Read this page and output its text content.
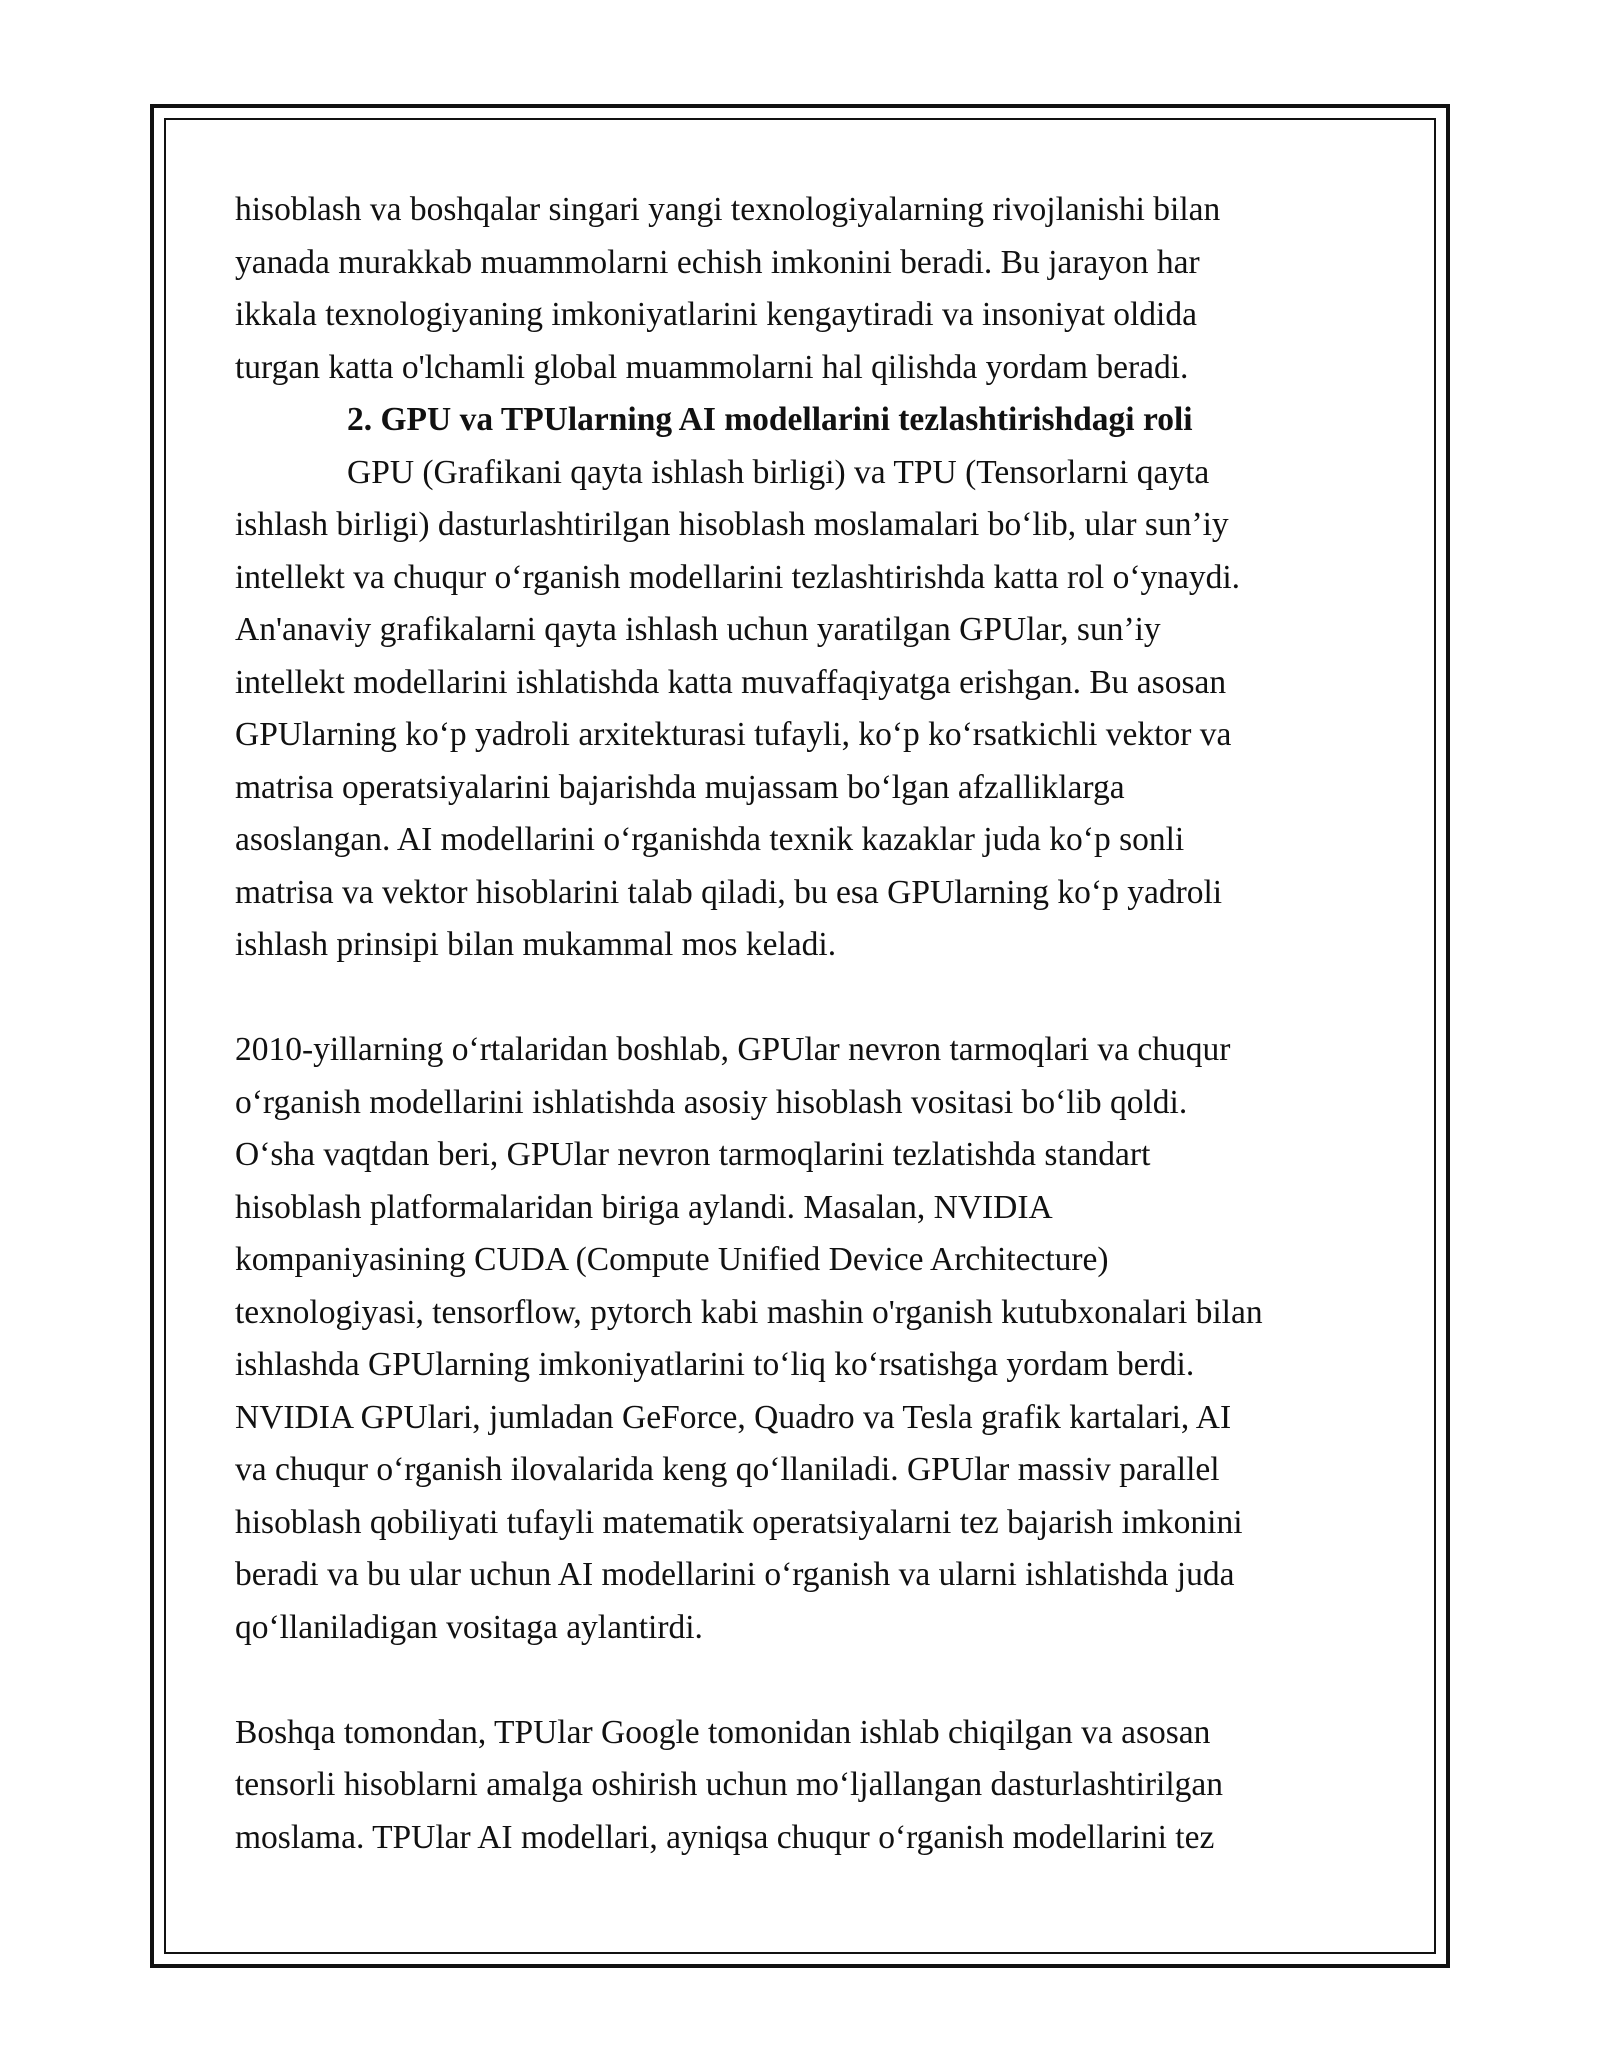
hisoblash va boshqalar singari yangi texnologiyalarning rivojlanishi bilan
yanada murakkab muammolarni echish imkonini beradi. Bu jarayon har
ikkala texnologiyaning imkoniyatlarini kengaytiradi va insoniyat oldida
turgan katta o'lchamli global muammolarni hal qilishda yordam beradi.

2. GPU va TPUlarning AI modellarini tezlashtirishdagi roli

GPU (Grafikani qayta ishlash birligi) va TPU (Tensorlarni qayta
ishlash birligi) dasturlashtirilgan hisoblash moslamalari boʻlib, ular sun’iy
intellekt va chuqur oʻrganish modellarini tezlashtirishda katta rol oʻynaydi.
An'anaviy grafikalarni qayta ishlash uchun yaratilgan GPUlar, sun’iy
intellekt modellarini ishlatishda katta muvaffaqiyatga erishgan. Bu asosan
GPUlarning koʻp yadroli arxitekturasi tufayli, koʻp koʻrsatkichli vektor va
matrisa operatsiyalarini bajarishda mujassam boʻlgan afzalliklarga
asoslangan. AI modellarini oʻrganishda texnik kazaklar juda koʻp sonli
matrisa va vektor hisoblarini talab qiladi, bu esa GPUlarning koʻp yadroli
ishlash prinsipi bilan mukammal mos keladi.

2010-yillarning oʻrtalaridan boshlab, GPUlar nevron tarmoqlari va chuqur
oʻrganish modellarini ishlatishda asosiy hisoblash vositasi boʻlib qoldi.
Oʻsha vaqtdan beri, GPUlar nevron tarmoqlarini tezlatishda standart
hisoblash platformalaridan biriga aylandi. Masalan, NVIDIA
kompaniyasining CUDA (Compute Unified Device Architecture)
texnologiyasi, tensorflow, pytorch kabi mashin o'rganish kutubxonalari bilan
ishlashda GPUlarning imkoniyatlarini toʻliq koʻrsatishga yordam berdi.
NVIDIA GPUlari, jumladan GeForce, Quadro va Tesla grafik kartalari, AI
va chuqur oʻrganish ilovalarida keng qoʻllaniladi. GPUlar massiv parallel
hisoblash qobiliyati tufayli matematik operatsiyalarni tez bajarish imkonini
beradi va bu ular uchun AI modellarini oʻrganish va ularni ishlatishda juda
qoʻllaniladigan vositaga aylantirdi.

Boshqa tomondan, TPUlar Google tomonidan ishlab chiqilgan va asosan
tensorli hisoblarni amalga oshirish uchun moʻljallangan dasturlashtirilgan
moslama. TPUlar AI modellari, ayniqsa chuqur oʻrganish modellarini tez
